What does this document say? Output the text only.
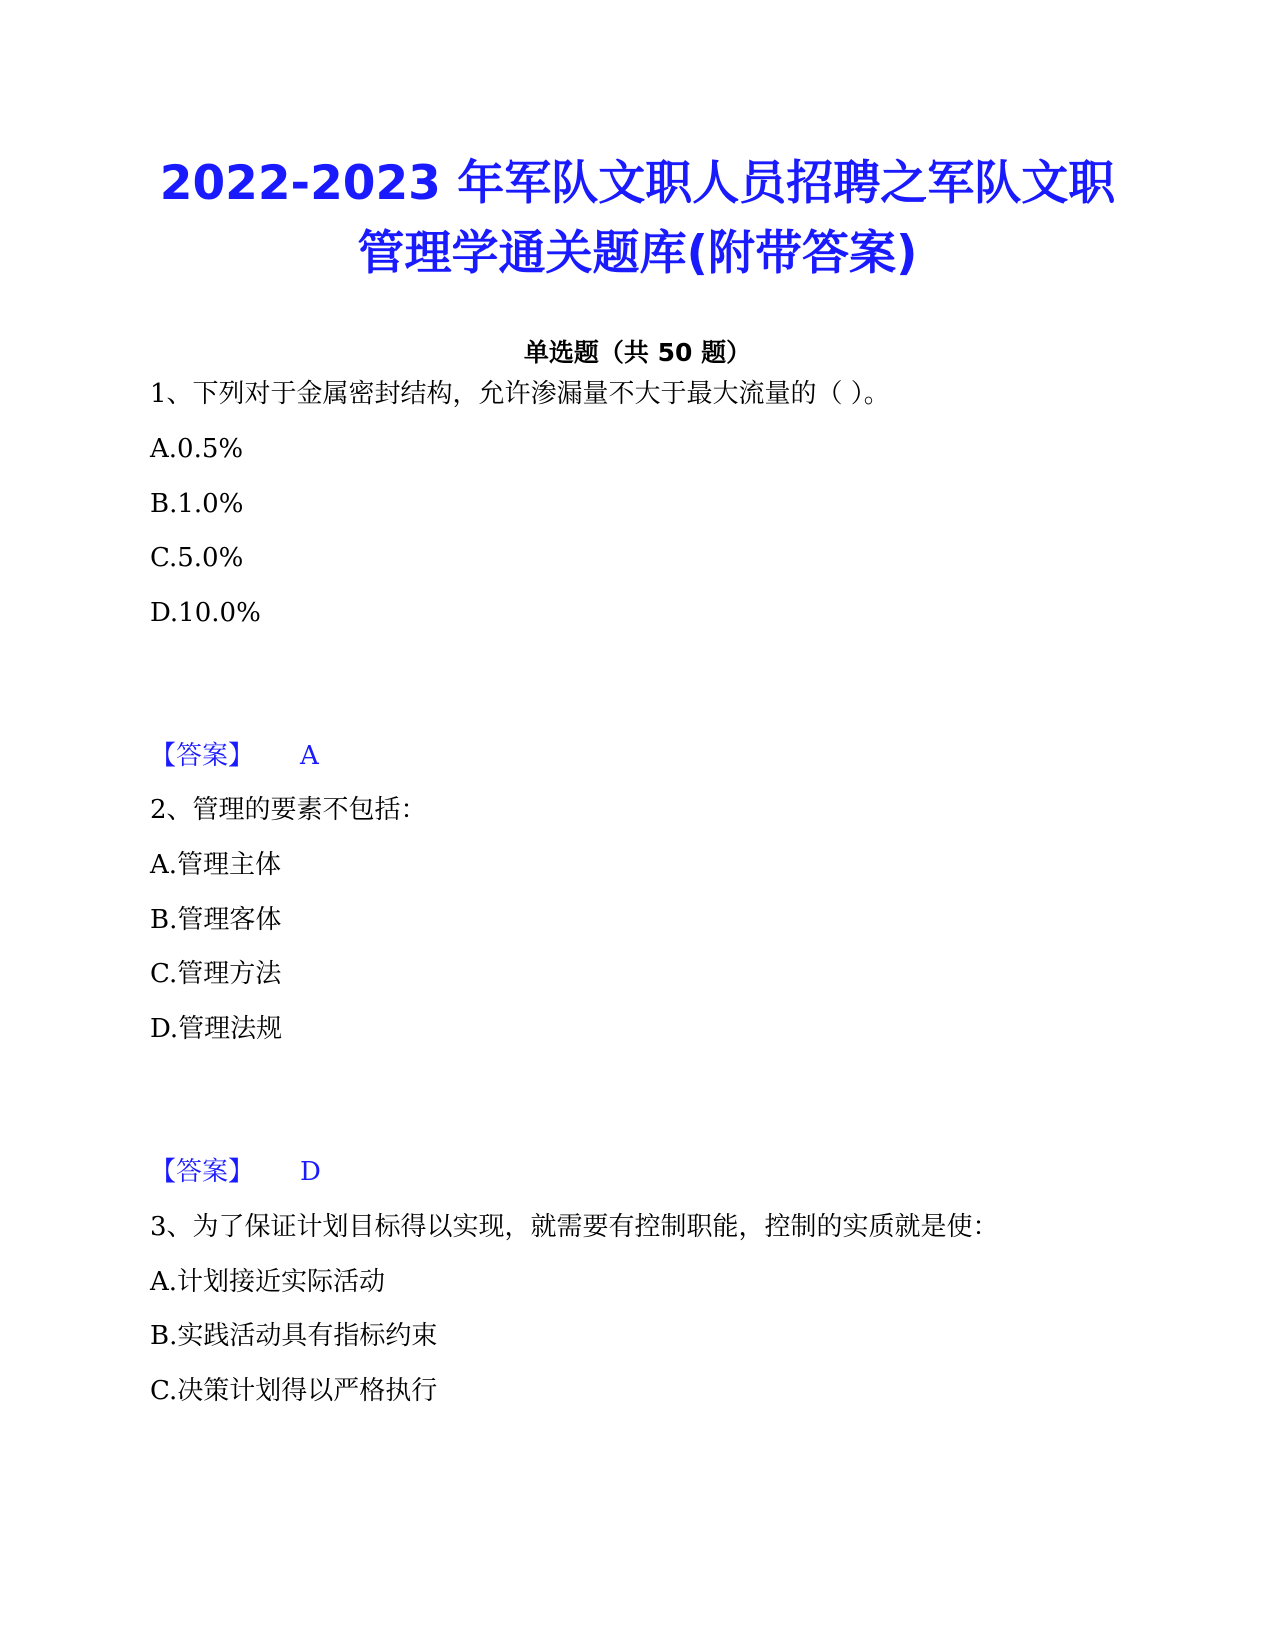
2022-2023 年军队文职人员招聘之军队文职
管理学通关题库(附带答案)
单选题（共 50 题）
1、下列对于金属密封结构，允许渗漏量不大于最大流量的（ ）。
A.0.5%
B.1.0%
C.5.0%
D.10.0%
【答案】 A
2、管理的要素不包括：
A.管理主体
B.管理客体
C.管理方法
D.管理法规
【答案】 D
3、为了保证计划目标得以实现，就需要有控制职能，控制的实质就是使：
A.计划接近实际活动
B.实践活动具有指标约束
C.决策计划得以严格执行
